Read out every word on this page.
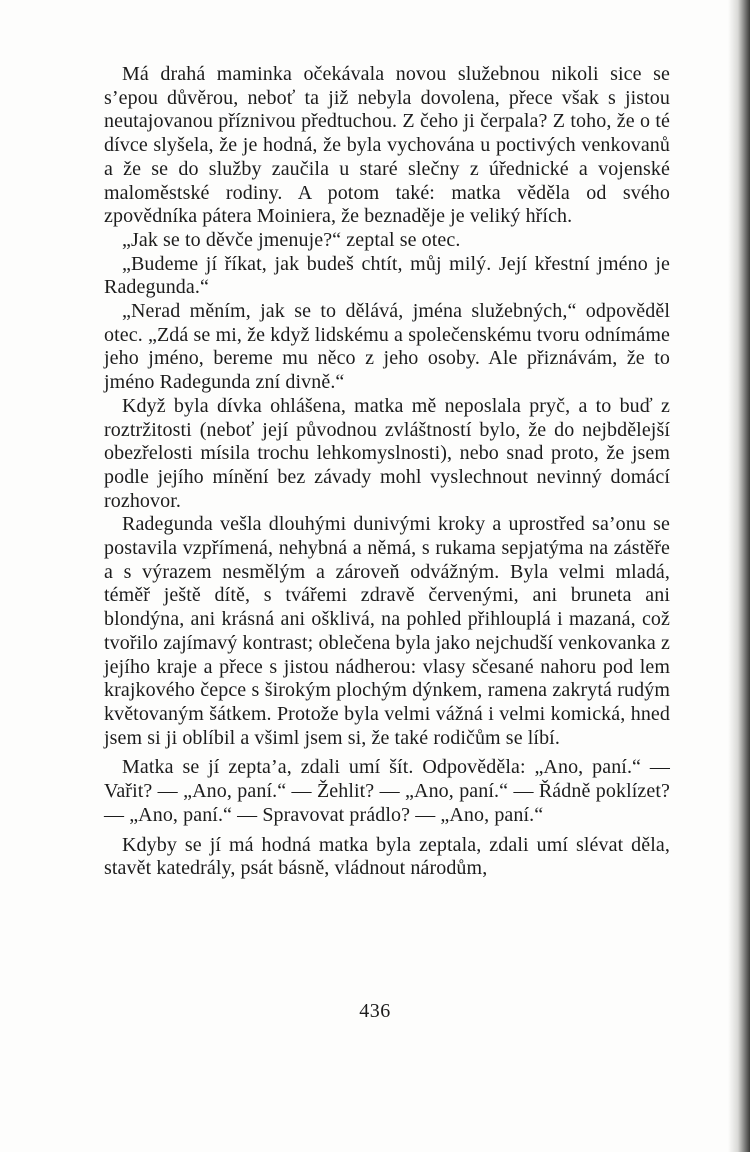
Má drahá maminka očekávala novou služebnou nikoli sice se s’epou důvěrou, neboť ta již nebyla dovolena, přece však s jistou neutajovanou příznivou předtuchou. Z čeho ji čerpala? Z toho, že o té dívce slyšela, že je hodná, že byla vychována u poctivých venkovanů a že se do služby zaučila u staré slečny z úřednické a vojenské maloměstské rodiny. A potom také: matka věděla od svého zpovědníka pátera Moiniera, že beznaděje je veliký hřích.

„Jak se to děvče jmenuje?“ zeptal se otec.

„Budeme jí říkat, jak budeš chtít, můj milý. Její křestní jméno je Radegunda.“

„Nerad měním, jak se to dělává, jména služebných,“ odpověděl otec. „Zdá se mi, že když lidskému a společenskému tvoru odnímáme jeho jméno, bereme mu něco z jeho osoby. Ale přiznávám, že to jméno Radegunda zní divně.“

Když byla dívka ohlášena, matka mě neposlala pryč, a to buď z roztržitosti (neboť její původnou zvláštností bylo, že do nejbdělejší obezřelosti mísila trochu lehkomyslnosti), nebo snad proto, že jsem podle jejího mínění bez závady mohl vyslechnout nevinný domácí rozhovor.

Radegunda vešla dlouhými dunivými kroky a uprostřed sa’onu se postavila vzpřímená, nehybná a němá, s rukama sepjatýma na zástěře a s výrazem nesmělým a zároveň odvážným. Byla velmi mladá, téměř ještě dítě, s tvářemi zdravě červenými, ani bruneta ani blondýna, ani krásná ani ošklivá, na pohled přihlouplá i mazaná, což tvořilo zajímavý kontrast; oblečena byla jako nejchudší venkovanka z jejího kraje a přece s jistou nádherou: vlasy sčesané nahoru pod lem krajkového čepce s širokým plochým dýnkem, ramena zakrytá rudým květovaným šátkem. Protože byla velmi vážná i velmi komická, hned jsem si ji oblíbil a všiml jsem si, že také rodičům se líbí.

Matka se jí zepta’a, zdali umí šít. Odpověděla: „Ano, paní.“ — Vařit? — „Ano, paní.“ — Žehlit? — „Ano, paní.“ — Řádně poklízet? — „Ano, paní.“ — Spravovat prádlo? — „Ano, paní.“

Kdyby se jí má hodná matka byla zeptala, zdali umí slévat děla, stavět katedrály, psát básně, vládnout národům,

436
